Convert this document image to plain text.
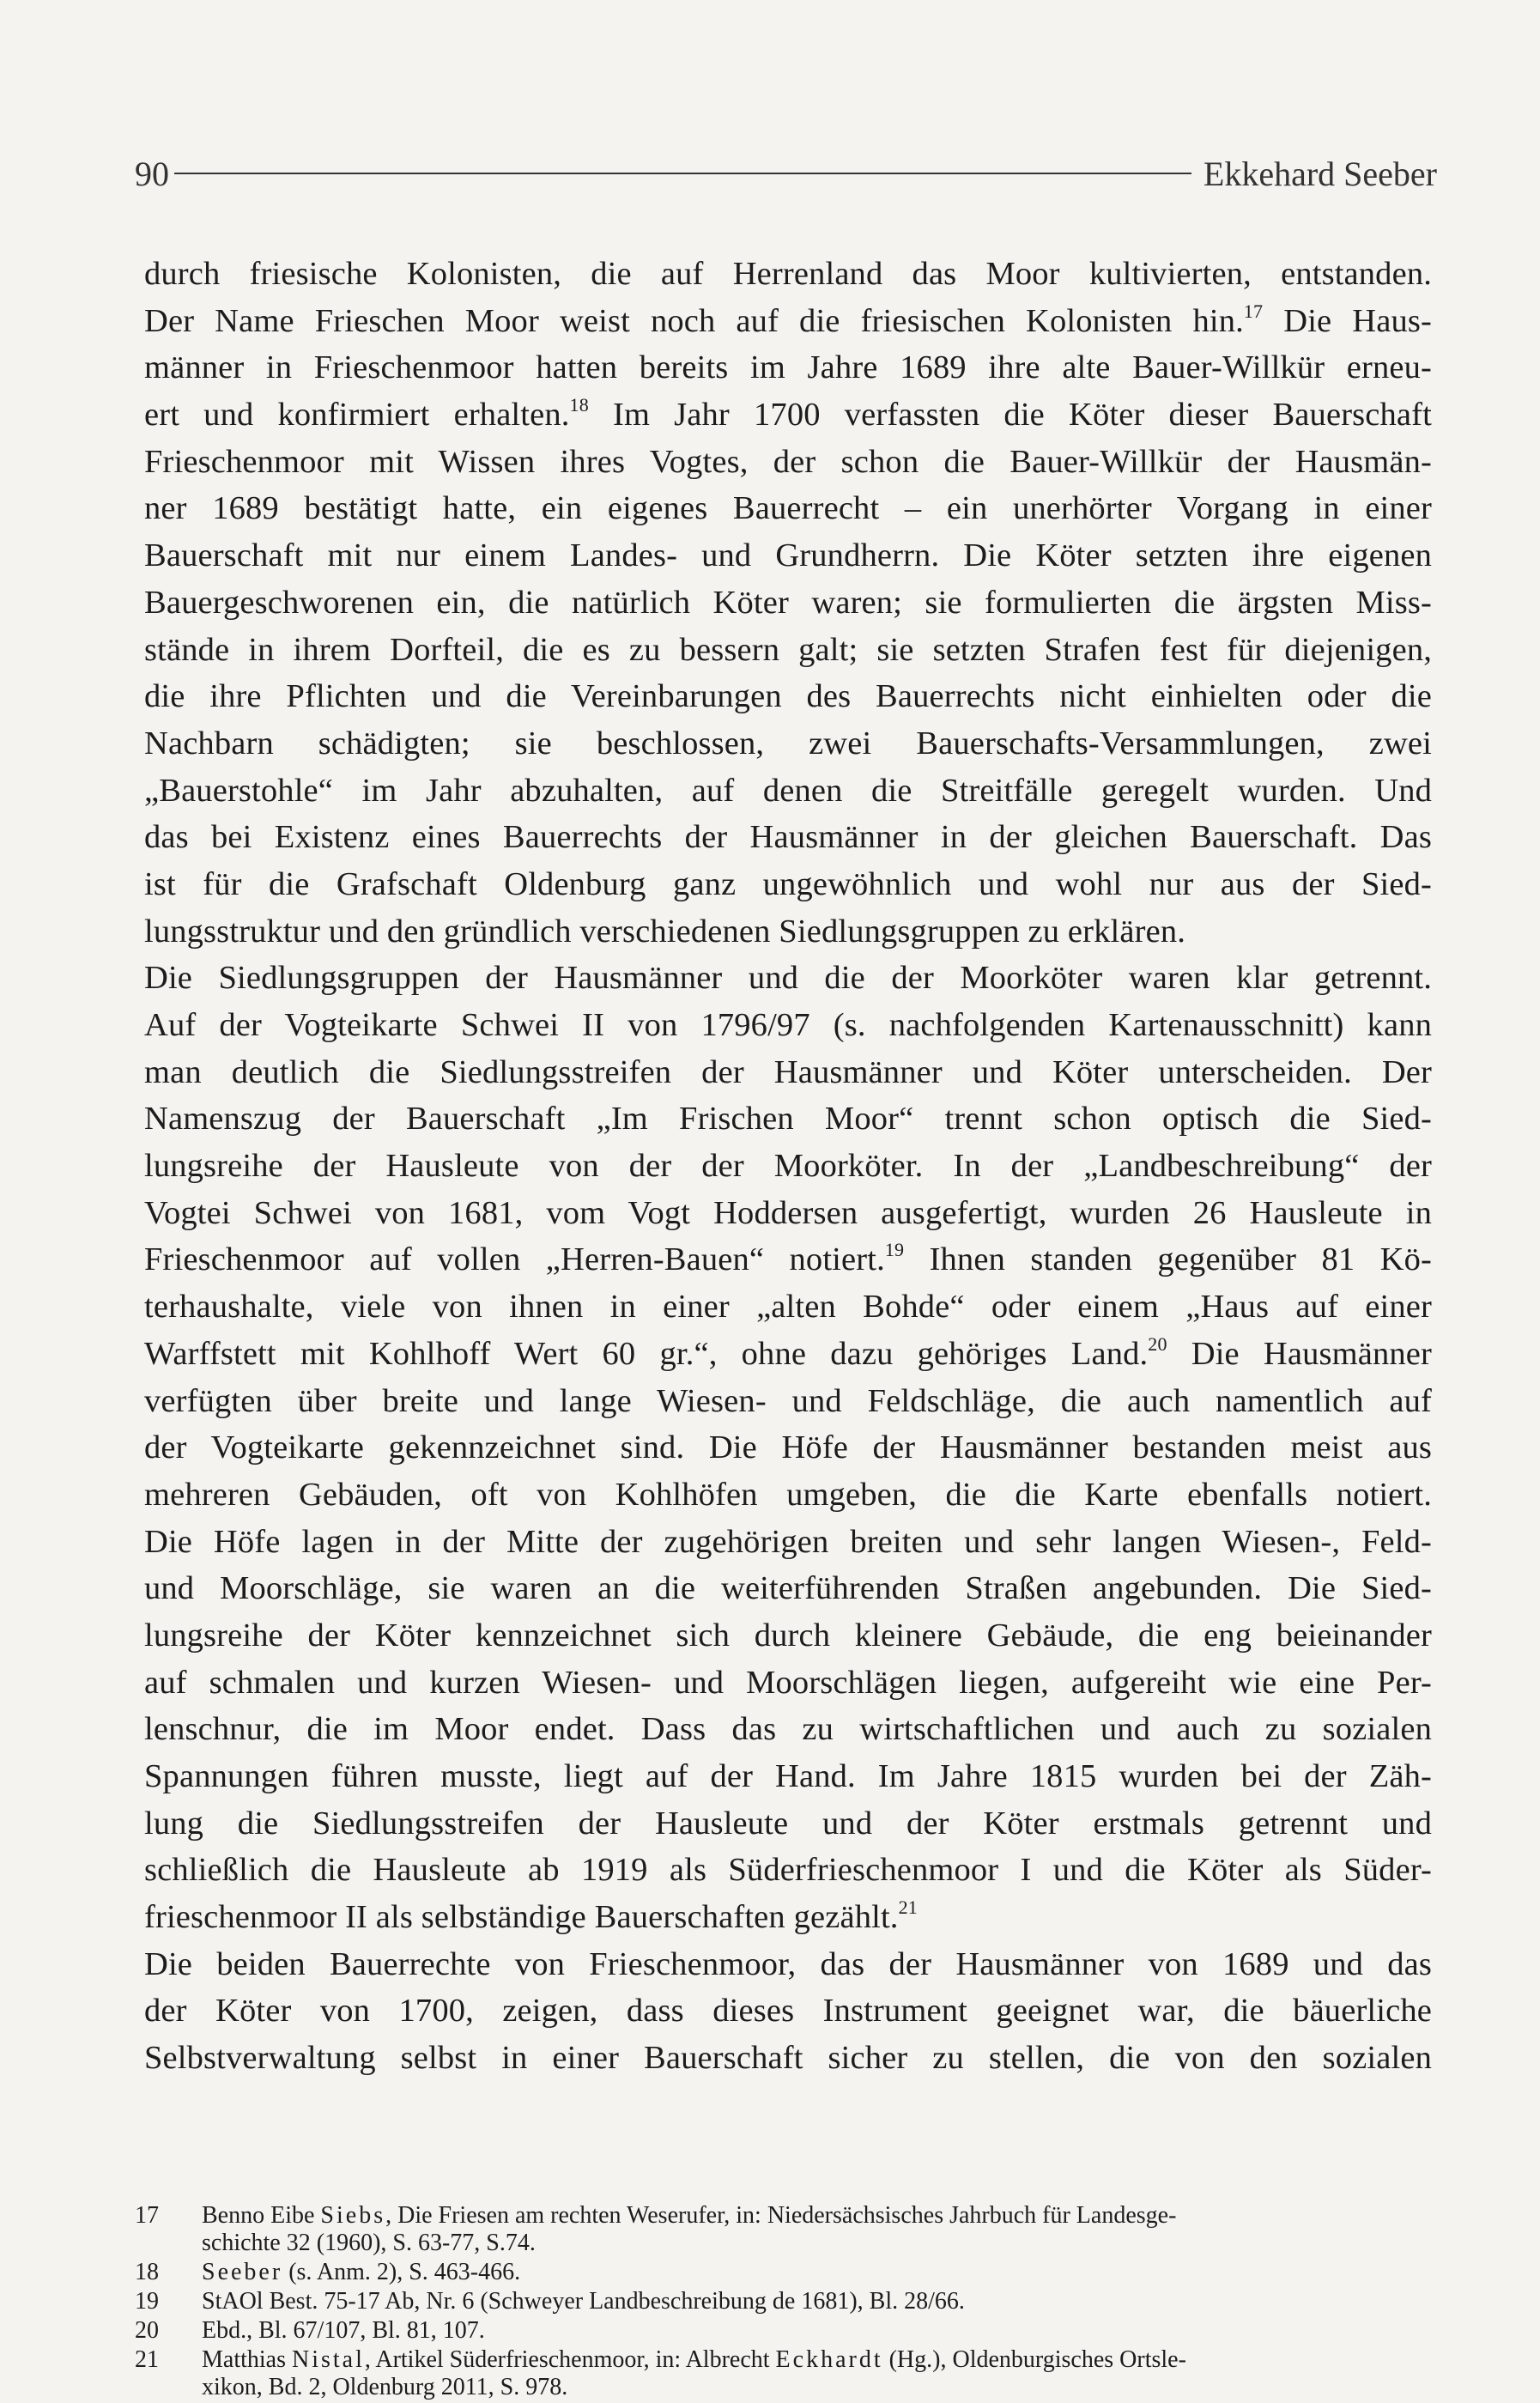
90	Ekkehard Seeber
durch friesische Kolonisten, die auf Herrenland das Moor kultivierten, entstanden.
Der Name Frieschen Moor weist noch auf die friesischen Kolonisten hin.$^{17}$ Die Haus-
männer in Frieschenmoor hatten bereits im Jahre 1689 ihre alte Bauer-Willkür erneu-
ert und konfirmiert erhalten.$^{18}$ Im Jahr 1700 verfassten die Köter dieser Bauerschaft
Frieschenmoor mit Wissen ihres Vogtes, der schon die Bauer-Willkür der Hausmän-
ner 1689 bestätigt hatte, ein eigenes Bauerrecht – ein unerhörter Vorgang in einer
Bauerschaft mit nur einem Landes- und Grundherrn. Die Köter setzten ihre eigenen
Bauergeschworenen ein, die natürlich Köter waren; sie formulierten die ärgsten Miss-
stände in ihrem Dorfteil, die es zu bessern galt; sie setzten Strafen fest für diejenigen,
die ihre Pflichten und die Vereinbarungen des Bauerrechts nicht einhielten oder die
Nachbarn schädigten; sie beschlossen, zwei Bauerschafts-Versammlungen, zwei
„Bauerstohle“ im Jahr abzuhalten, auf denen die Streitfälle geregelt wurden. Und
das bei Existenz eines Bauerrechts der Hausmänner in der gleichen Bauerschaft. Das
ist für die Grafschaft Oldenburg ganz ungewöhnlich und wohl nur aus der Sied-
lungsstruktur und den gründlich verschiedenen Siedlungsgruppen zu erklären.
Die Siedlungsgruppen der Hausmänner und die der Moorköter waren klar getrennt.
Auf der Vogteikarte Schwei II von 1796/97 (s. nachfolgenden Kartenausschnitt) kann
man deutlich die Siedlungsstreifen der Hausmänner und Köter unterscheiden. Der
Namenszug der Bauerschaft „Im Frischen Moor“ trennt schon optisch die Sied-
lungsreihe der Hausleute von der der Moorköter. In der „Landbeschreibung“ der
Vogtei Schwei von 1681, vom Vogt Hoddersen ausgefertigt, wurden 26 Hausleute in
Frieschenmoor auf vollen „Herren-Bauen“ notiert.$^{19}$ Ihnen standen gegenüber 81 Kö-
terhaushalte, viele von ihnen in einer „alten Bohde“ oder einem „Haus auf einer
Warffstett mit Kohlhoff Wert 60 gr.“, ohne dazu gehöriges Land.$^{20}$ Die Hausmänner
verfügten über breite und lange Wiesen- und Feldschläge, die auch namentlich auf
der Vogteikarte gekennzeichnet sind. Die Höfe der Hausmänner bestanden meist aus
mehreren Gebäuden, oft von Kohlhöfen umgeben, die die Karte ebenfalls notiert.
Die Höfe lagen in der Mitte der zugehörigen breiten und sehr langen Wiesen-, Feld-
und Moorschläge, sie waren an die weiterführenden Straßen angebunden. Die Sied-
lungsreihe der Köter kennzeichnet sich durch kleinere Gebäude, die eng beieinander
auf schmalen und kurzen Wiesen- und Moorschlägen liegen, aufgereiht wie eine Per-
lenschnur, die im Moor endet. Dass das zu wirtschaftlichen und auch zu sozialen
Spannungen führen musste, liegt auf der Hand. Im Jahre 1815 wurden bei der Zäh-
lung die Siedlungsstreifen der Hausleute und der Köter erstmals getrennt und
schließlich die Hausleute ab 1919 als Süderfrieschenmoor I und die Köter als Süder-
frieschenmoor II als selbständige Bauerschaften gezählt.$^{21}$
Die beiden Bauerrechte von Frieschenmoor, das der Hausmänner von 1689 und das
der Köter von 1700, zeigen, dass dieses Instrument geeignet war, die bäuerliche
Selbstverwaltung selbst in einer Bauerschaft sicher zu stellen, die von den sozialen
17	Benno Eibe Siebs, Die Friesen am rechten Weserufer, in: Niedersächsisches Jahrbuch für Landesge-
schichte 32 (1960), S. 63-77, S.74.
18	Seeber (s. Anm. 2), S. 463-466.
19	StAOl Best. 75-17 Ab, Nr. 6 (Schweyer Landbeschreibung de 1681), Bl. 28/66.
20	Ebd., Bl. 67/107, Bl. 81, 107.
21	Matthias Nistal, Artikel Süderfrieschenmoor, in: Albrecht Eckhardt (Hg.), Oldenburgisches Ortsle-
xikon, Bd. 2, Oldenburg 2011, S. 978.
